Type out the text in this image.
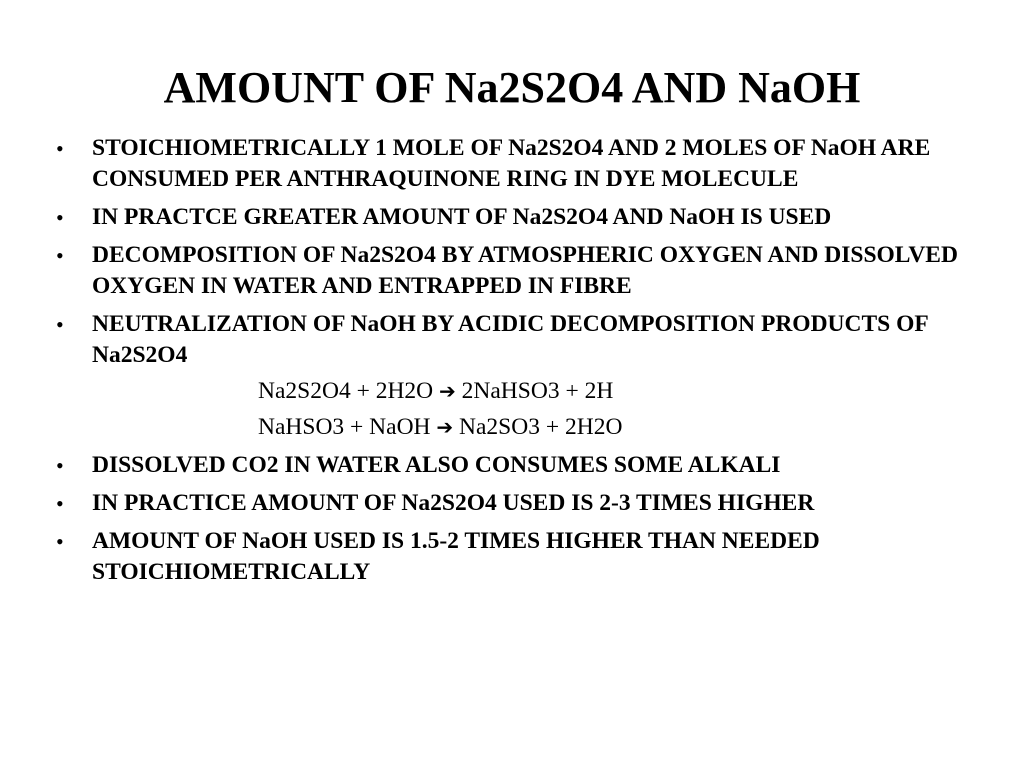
AMOUNT OF Na2S2O4 AND NaOH
• STOICHIOMETRICALLY 1 MOLE OF Na2S2O4 AND 2 MOLES OF NaOH ARE CONSUMED PER ANTHRAQUINONE RING IN DYE MOLECULE
• IN PRACTCE GREATER AMOUNT OF Na2S2O4 AND NaOH IS USED
• DECOMPOSITION OF Na2S2O4 BY ATMOSPHERIC OXYGEN AND DISSOLVED OXYGEN IN WATER AND ENTRAPPED IN FIBRE
• NEUTRALIZATION OF NaOH BY ACIDIC DECOMPOSITION PRODUCTS OF Na2S2O4
Na2S2O4 + 2H2O ➔ 2NaHSO3 + 2H
NaHSO3 + NaOH ➔ Na2SO3 + 2H2O
• DISSOLVED CO2 IN WATER ALSO CONSUMES SOME ALKALI
• IN PRACTICE AMOUNT OF Na2S2O4 USED IS 2-3 TIMES HIGHER
• AMOUNT OF NaOH USED IS 1.5-2 TIMES HIGHER THAN NEEDED STOICHIOMETRICALLY
